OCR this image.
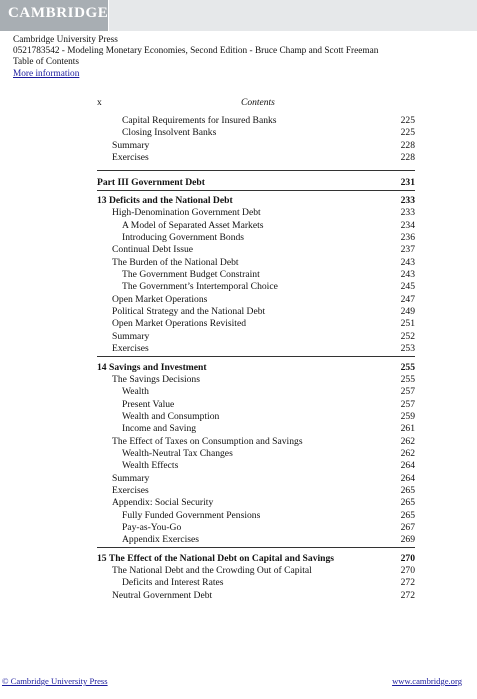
CAMBRIDGE
Cambridge University Press
0521783542 - Modeling Monetary Economies, Second Edition - Bruce Champ and Scott Freeman
Table of Contents
More information
x	Contents
Capital Requirements for Insured Banks	225
Closing Insolvent Banks	225
Summary	228
Exercises	228
Part III Government Debt	231
13 Deficits and the National Debt	233
High-Denomination Government Debt	233
A Model of Separated Asset Markets	234
Introducing Government Bonds	236
Continual Debt Issue	237
The Burden of the National Debt	243
The Government Budget Constraint	243
The Government’s Intertemporal Choice	245
Open Market Operations	247
Political Strategy and the National Debt	249
Open Market Operations Revisited	251
Summary	252
Exercises	253
14 Savings and Investment	255
The Savings Decisions	255
Wealth	257
Present Value	257
Wealth and Consumption	259
Income and Saving	261
The Effect of Taxes on Consumption and Savings	262
Wealth-Neutral Tax Changes	262
Wealth Effects	264
Summary	264
Exercises	265
Appendix: Social Security	265
Fully Funded Government Pensions	265
Pay-as-You-Go	267
Appendix Exercises	269
15 The Effect of the National Debt on Capital and Savings	270
The National Debt and the Crowding Out of Capital	270
Deficits and Interest Rates	272
Neutral Government Debt	272
© Cambridge University Press	www.cambridge.org
